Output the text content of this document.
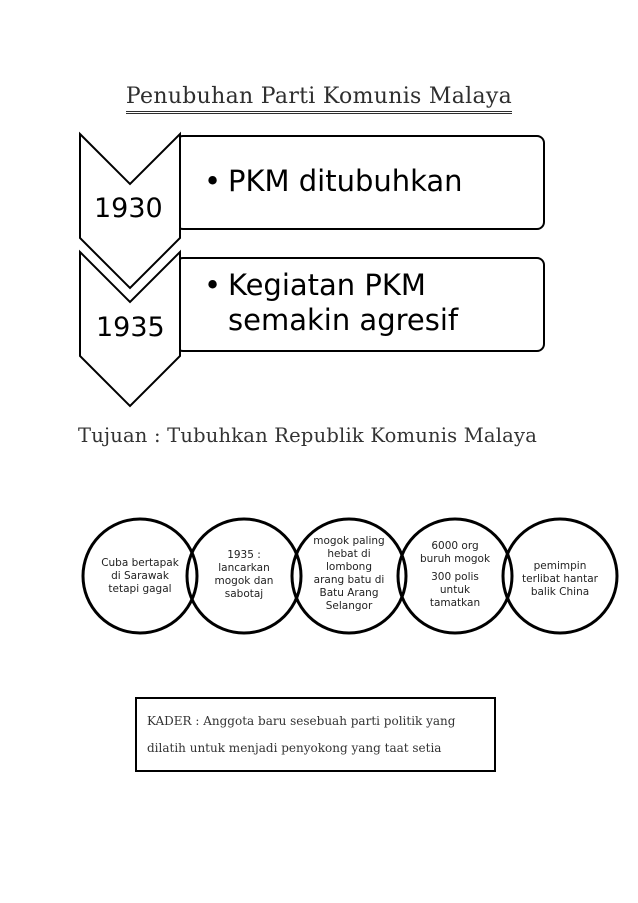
Penubuhan Parti Komunis Malaya
1930
1935
• PKM ditubuhkan
• Kegiatan PKM
semakin agresif
Tujuan : Tubuhkan Republik Komunis Malaya
Cuba bertapak
di Sarawak
tetapi gagal
1935 :
lancarkan
mogok dan
sabotaj
mogok paling
hebat di
lombong
arang batu di
Batu Arang
Selangor
6000 org
buruh mogok
300 polis
untuk
tamatkan
pemimpin
terlibat hantar
balik China
KADER : Anggota baru sesebuah parti politik yang
dilatih untuk menjadi penyokong yang taat setia
